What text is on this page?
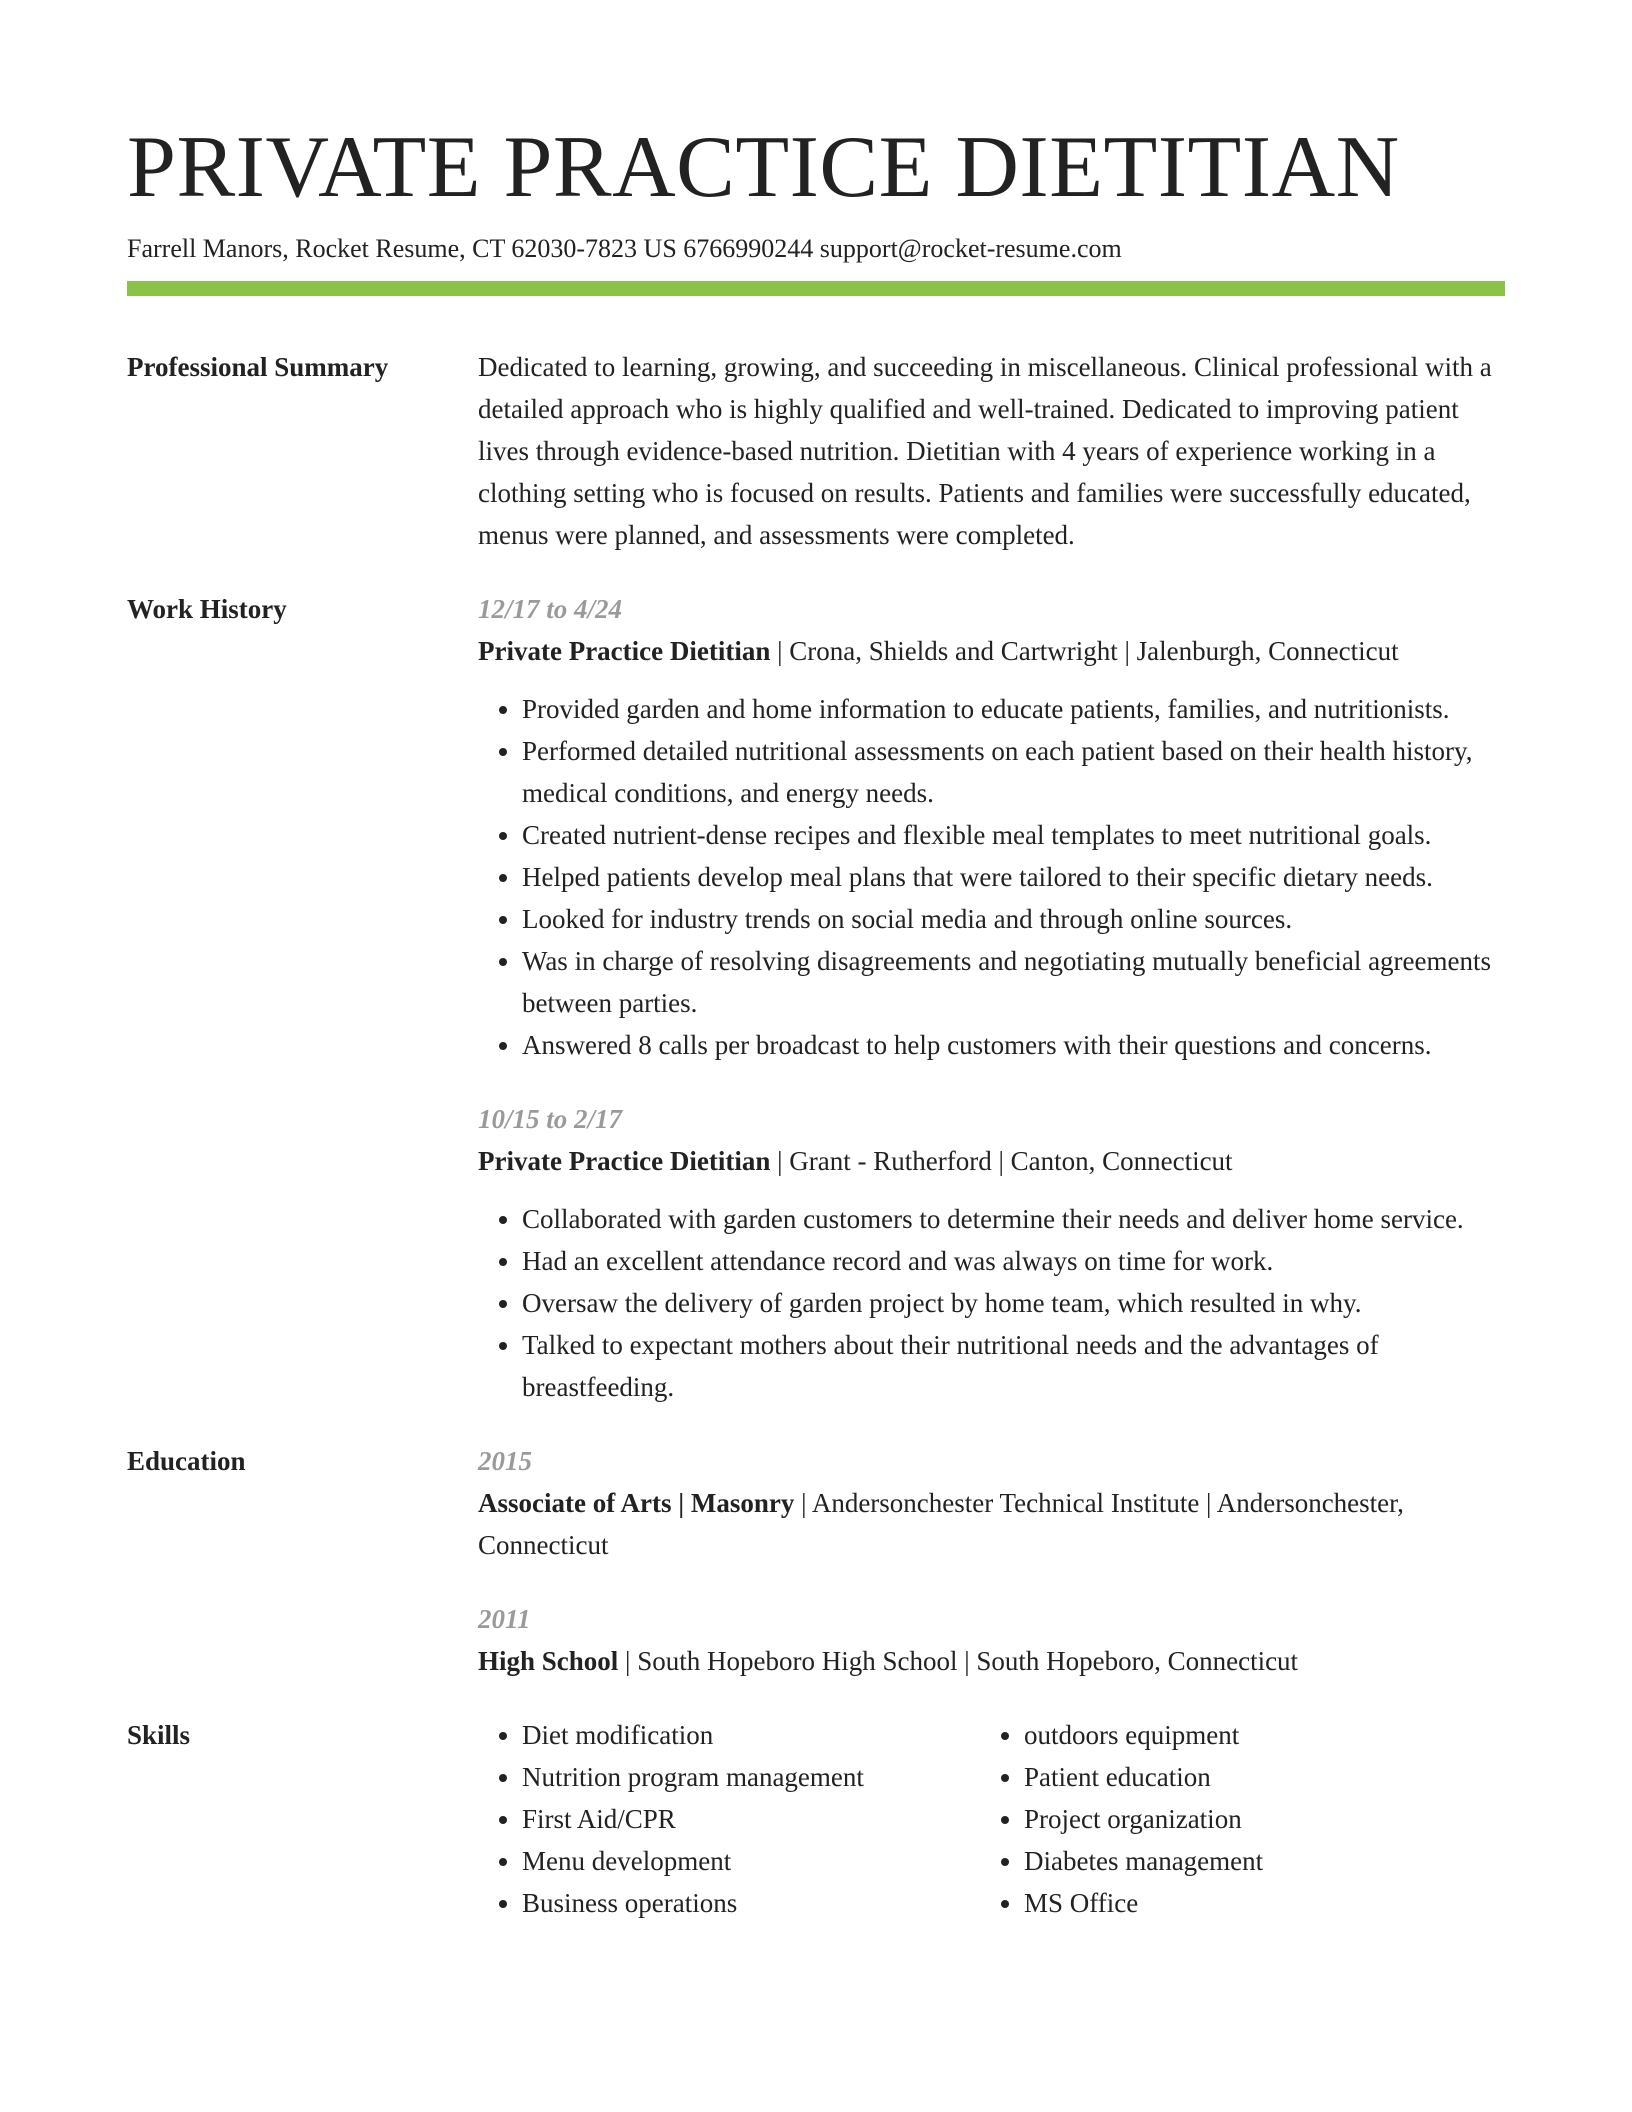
PRIVATE PRACTICE DIETITIAN
Farrell Manors, Rocket Resume, CT 62030-7823 US 6766990244 support@rocket-resume.com
Professional Summary	Dedicated to learning, growing, and succeeding in miscellaneous. Clinical professional with a detailed approach who is highly qualified and well-trained. Dedicated to improving patient lives through evidence-based nutrition. Dietitian with 4 years of experience working in a clothing setting who is focused on results. Patients and families were successfully educated, menus were planned, and assessments were completed.
Work History	12/17 to 4/24
Private Practice Dietitian | Crona, Shields and Cartwright | Jalenburgh, Connecticut
• Provided garden and home information to educate patients, families, and nutritionists.
• Performed detailed nutritional assessments on each patient based on their health history, medical conditions, and energy needs.
• Created nutrient-dense recipes and flexible meal templates to meet nutritional goals.
• Helped patients develop meal plans that were tailored to their specific dietary needs.
• Looked for industry trends on social media and through online sources.
• Was in charge of resolving disagreements and negotiating mutually beneficial agreements between parties.
• Answered 8 calls per broadcast to help customers with their questions and concerns.
10/15 to 2/17
Private Practice Dietitian | Grant - Rutherford | Canton, Connecticut
• Collaborated with garden customers to determine their needs and deliver home service.
• Had an excellent attendance record and was always on time for work.
• Oversaw the delivery of garden project by home team, which resulted in why.
• Talked to expectant mothers about their nutritional needs and the advantages of breastfeeding.
Education	2015
Associate of Arts | Masonry | Andersonchester Technical Institute | Andersonchester, Connecticut
2011
High School | South Hopeboro High School | South Hopeboro, Connecticut
Skills
•	Diet modification
• Nutrition program management
• First Aid/CPR
• Menu development
• Business operations
• outdoors equipment
• Patient education
• Project organization
• Diabetes management
• MS Office
